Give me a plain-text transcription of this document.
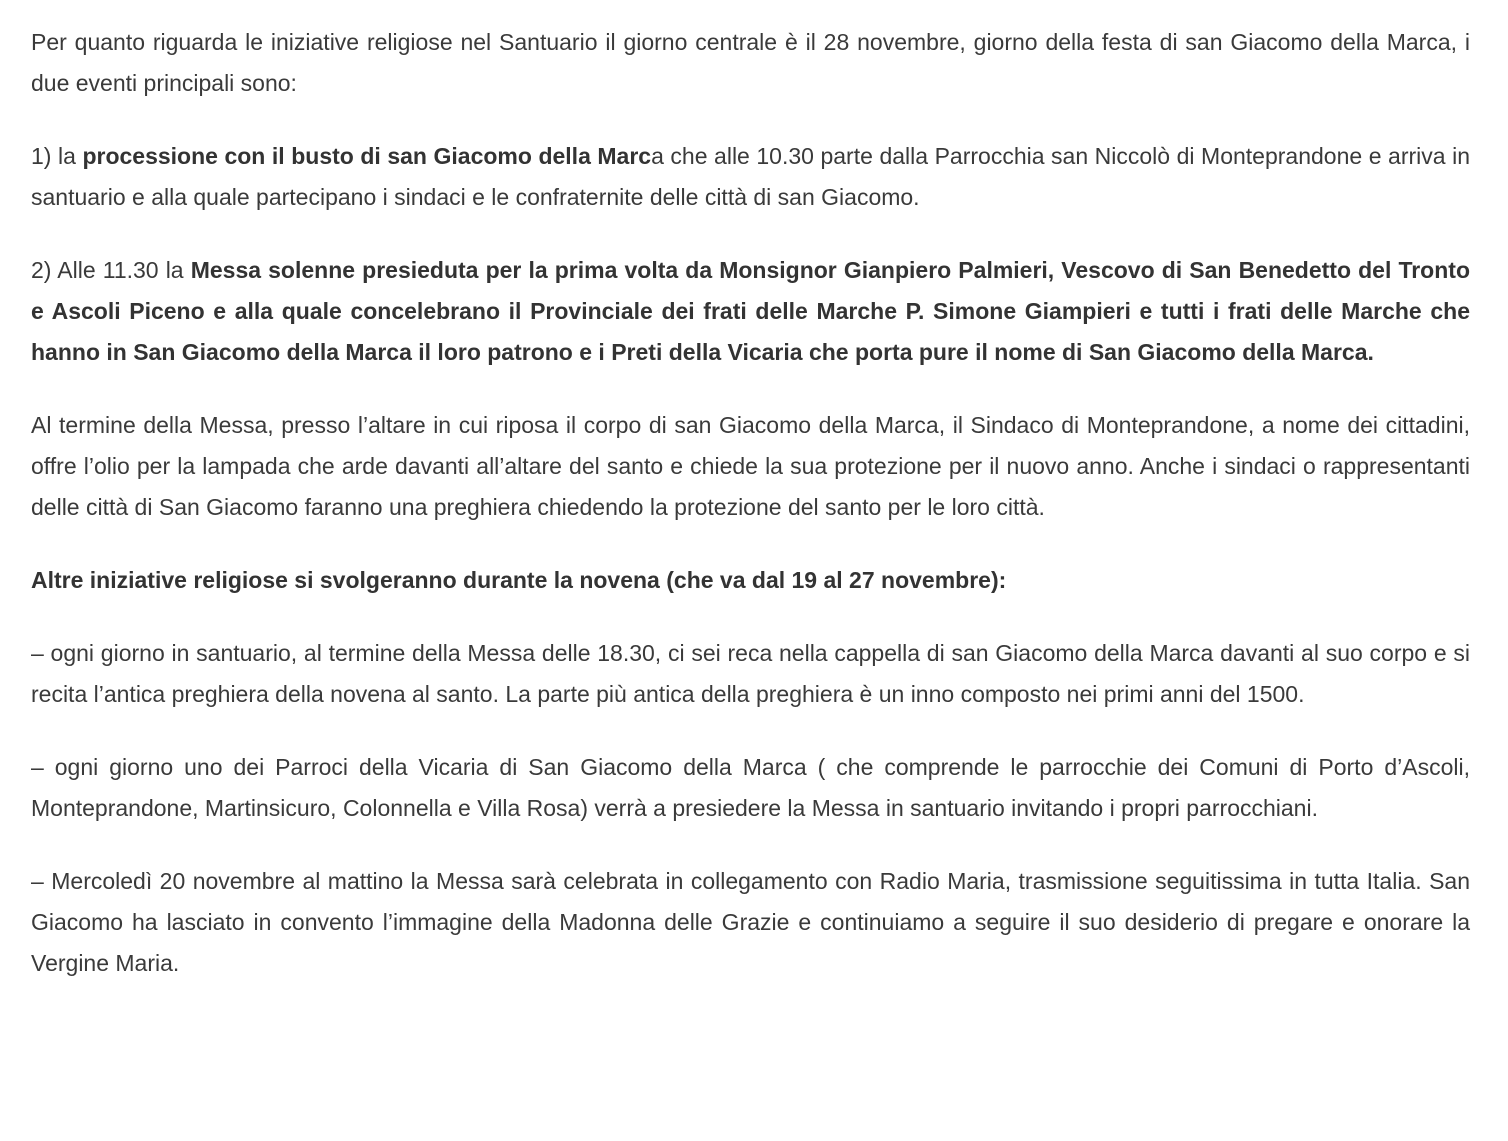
Per quanto riguarda le iniziative religiose nel Santuario il giorno centrale è il 28 novembre, giorno della festa di san Giacomo della Marca, i due eventi principali sono:

1) la processione con il busto di san Giacomo della Marca che alle 10.30 parte dalla Parrocchia san Niccolò di Monteprandone e arriva in santuario e alla quale partecipano i sindaci e le confraternite delle città di san Giacomo.

2) Alle 11.30 la Messa solenne presieduta per la prima volta da Monsignor Gianpiero Palmieri, Vescovo di San Benedetto del Tronto e Ascoli Piceno e alla quale concelebrano il Provinciale dei frati delle Marche P. Simone Giampieri e tutti i frati delle Marche che hanno in San Giacomo della Marca il loro patrono e i Preti della Vicaria che porta pure il nome di San Giacomo della Marca.

Al termine della Messa, presso l’altare in cui riposa il corpo di san Giacomo della Marca, il Sindaco di Monteprandone, a nome dei cittadini, offre l’olio per la lampada che arde davanti all’altare del santo e chiede la sua protezione per il nuovo anno. Anche i sindaci o rappresentanti delle città di San Giacomo faranno una preghiera chiedendo la protezione del santo per le loro città.

Altre iniziative religiose si svolgeranno durante la novena (che va dal 19 al 27 novembre):

– ogni giorno in santuario, al termine della Messa delle 18.30, ci sei reca nella cappella di san Giacomo della Marca davanti al suo corpo e si recita l’antica preghiera della novena al santo. La parte più antica della preghiera è un inno composto nei primi anni del 1500.

– ogni giorno uno dei Parroci della Vicaria di San Giacomo della Marca ( che comprende le parrocchie dei Comuni di Porto d’Ascoli, Monteprandone, Martinsicuro, Colonnella e Villa Rosa) verrà a presiedere la Messa in santuario invitando i propri parrocchiani.

– Mercoledì 20 novembre al mattino la Messa sarà celebrata in collegamento con Radio Maria, trasmissione seguitissima in tutta Italia. San Giacomo ha lasciato in convento l’immagine della Madonna delle Grazie e continuiamo a seguire il suo desiderio di pregare e onorare la Vergine Maria.
